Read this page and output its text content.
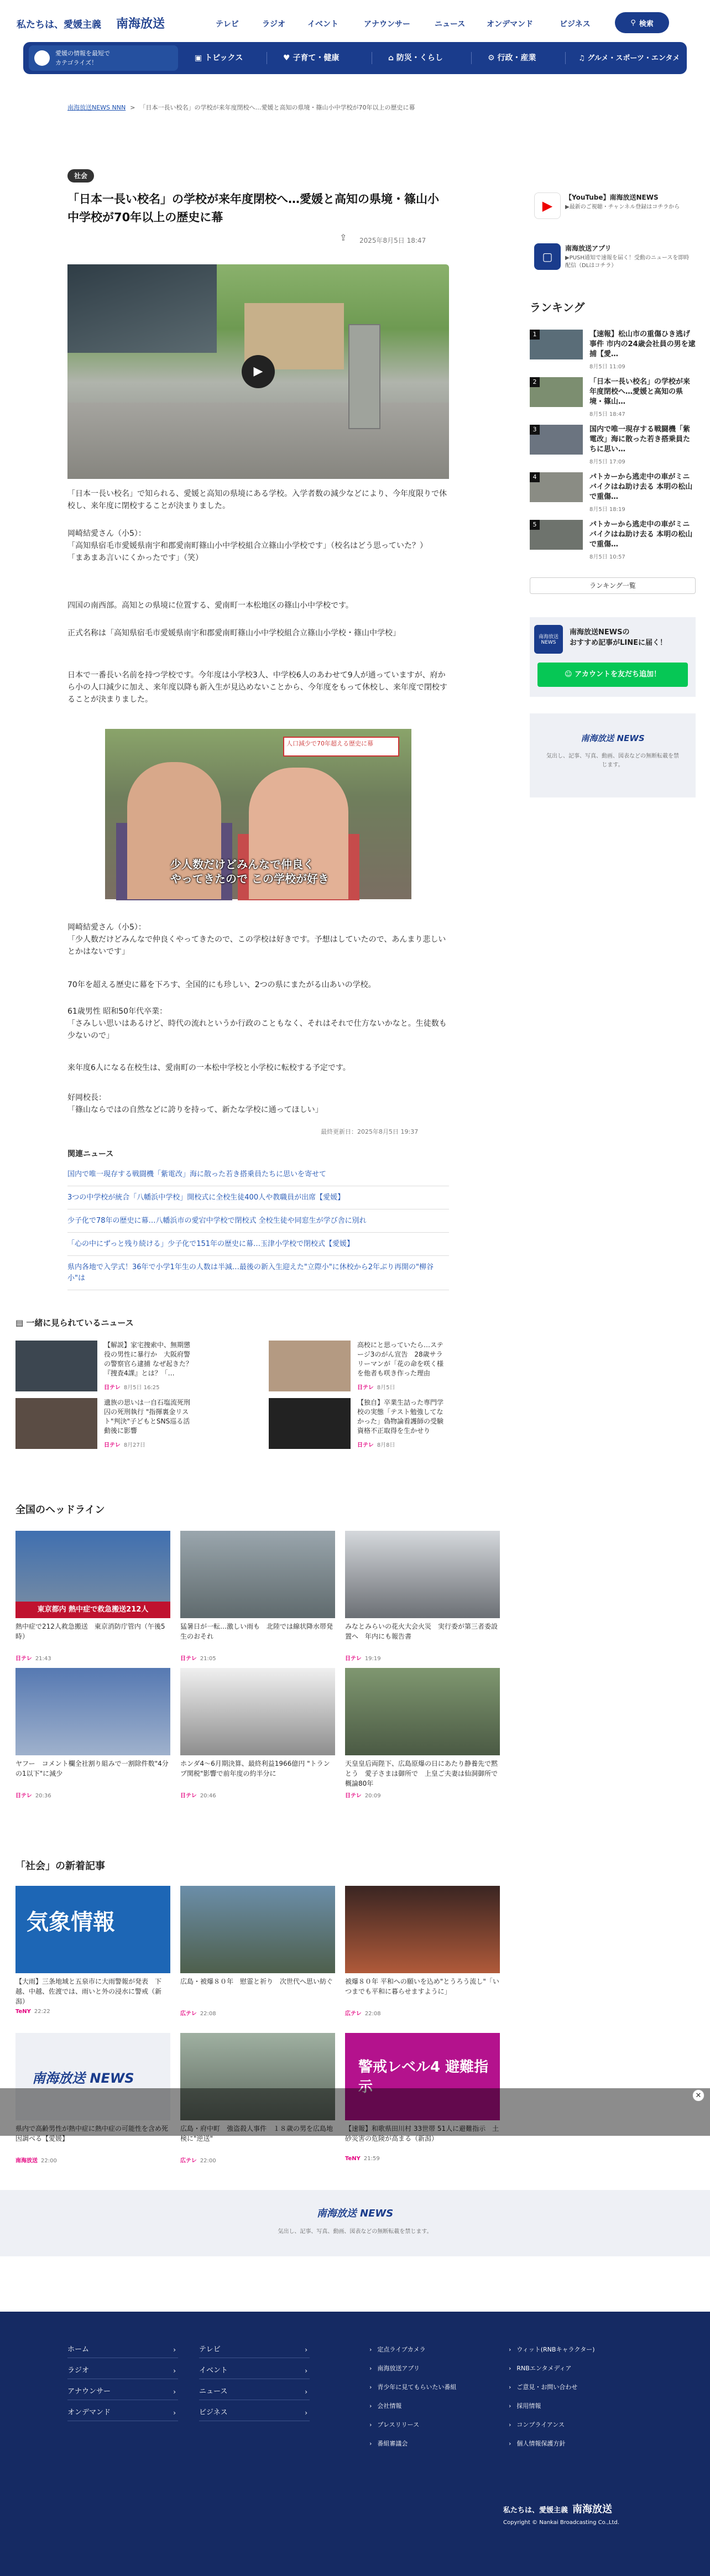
私たちは、愛媛主義 南海放送	テレビ	ラジオ	イベント	アナウンサー	ニュース	オンデマンド	ビジネス	⚲ 検索
愛媛の情報を最短で
カテゴライズ！
▣ トピックス	♥ 子育て・健康	⌂ 防災・くらし	⚙ 行政・産業	♫ グルメ・スポーツ・エンタメ
南海放送NEWS NNN > 「日本一長い校名」の学校が来年度閉校へ…愛媛と高知の県境・篠山小中学校が70年以上の歴史に幕
社会
「日本一長い校名」の学校が来年度閉校へ…愛媛と高知の県境・篠山小中学校が70年以上の歴史に幕
⇪ 2025年8月5日 18:47
▶

「日本一長い校名」で知られる、愛媛と高知の県境にある学校。入学者数の減少などにより、今年度限りで休校し、来年度に閉校することが決まりました。

岡崎結愛さん（小5）：
「高知県宿毛市愛媛県南宇和郡愛南町篠山小中学校組合立篠山小学校です」（校名はどう思っていた？）
「まあまあ言いにくかったです」（笑）

四国の南西部。高知との県境に位置する、愛南町一本松地区の篠山小中学校です。

正式名称は「高知県宿毛市愛媛県南宇和郡愛南町篠山小中学校組合立篠山小学校・篠山中学校」

日本で一番長い名前を持つ学校です。今年度は小学校3人、中学校6人のあわせて9人が通っていますが、府から小の人口減少に加え、来年度以降も新入生が見込めないことから、今年度をもって休校し、来年度で閉校することが決まりました。

岡崎結愛さん（小5）：
「少人数だけどみんなで仲良くやってきたので、この学校は好きです。予想はしていたので、あんまり悲しいとかはないです」

70年を超える歴史に幕を下ろす、全国的にも珍しい、2つの県にまたがる山あいの学校。

61歳男性 昭和50年代卒業：
「さみしい思いはあるけど、時代の流れというか行政のこともなく、それはそれで仕方ないかなと。生徒数も少ないので」

来年度6人になる在校生は、愛南町の一本松中学校と小学校に転校する予定です。

好岡校長：
「篠山ならではの自然などに誇りを持って、新たな学校に通ってほしい」

人口減少で70年超える歴史に幕
少人数だけどみんなで仲良く
やってきたので この学校が好き
最終更新日：2025年8月5日 19:37
関連ニュース
国内で唯一現存する戦闘機「紫電改」海に散った若き搭乗員たちに思いを寄せて
3つの中学校が統合「八幡浜中学校」開校式に全校生徒400人や教職員が出席【愛媛】
少子化で78年の歴史に幕…八幡浜市の愛宕中学校で閉校式 全校生徒や同窓生が学び舎に別れ
「心の中にずっと残り続ける」少子化で151年の歴史に幕…玉津小学校で閉校式【愛媛】
県内各地で入学式！36年で小学1年生の人数は半減…最後の新入生迎えた"立際小"に休校から2年ぶり再開の"柳谷小"は
▶
【YouTube】南海放送NEWS
▶︎最新のご視聴・チャンネル登録はコチラから
▢
南海放送アプリ
▶︎PUSH通知で速報を届く！受動のニュースを即時配信（DLはコチラ）
ランキング
1	【速報】松山市の重傷ひき逃げ事件 市内の24歳会社員の男を逮捕【愛…
8月5日 11:09
2	「日本一長い校名」の学校が来年度閉校へ…愛媛と高知の県境・篠山…
8月5日 18:47
3	国内で唯一現存する戦闘機「紫電改」海に散った若き搭乗員たちに思い…
8月5日 17:09
4	パトカーから逃走中の車がミニバイクはね助け去る 本明の松山で重傷…
8月5日 18:19
5	パトカーから逃走中の車がミニバイクはね助け去る 本明の松山で重傷…
8月5日 10:57
ランキング一覧
南海放送 NEWS
南海放送NEWSの
おすすめ記事がLINEに届く！
☺ アカウントを友だち追加！
南海放送 NEWS
気出し、記事、写真、動画、図表などの無断転載を禁じます。
▤ 一緒に見られているニュース
【解説】家宅捜索中、無期懲役の男性に暴行か　大阪府警の警察官ら逮捕 なぜ起きた？『捜査4課』とは？「…
日テレ 8月5日 16:25
高校にと思っていたら…ステージ3のがん宣告　28歳サラリーマンが「花の命を咲く様を他者も咲き作った理由
日テレ 8月5日
遺族の思いは一自石塩流死刑囚の死刑執行 "指揮裏金リスト"判決"子どもとSNS巡る活動後に影響
日テレ 8月27日
【独自】卒業生詰った専門学校の実態「テスト勉強してなかった」偽物論看護師の受験資格不正取得を生かせり
日テレ 8月8日
全国のヘッドライン
東京都内 熱中症で救急搬送212人
熱中症で212人救急搬送　東京消防庁管内（午後5時）
日テレ 21:43
猛暑日が一転…激しい雨も　北陸では線状降水帯発生のおそれ
日テレ 21:05
みなとみらいの花火大会火災　実行委が第三者委設置へ　年内にも報告書
日テレ 19:19
ヤフー　コメント欄全社割り組みで一割除件数"4分の1以下"に減少
日テレ 20:36
ホンダ4～6月期決算、最終利益1966億円 "トランプ関税"影響で前年度の約半分に
日テレ 20:46
天皇皇后両陛下、広島原爆の日にあたり静養先で黙とう　愛子さまは御所で　上皇ご夫妻は仙洞御所で　概論80年
日テレ 20:09
「社会」の新着記事
気象情報
【大雨】三条地域と五泉市に大雨警報が発表　下越、中越、佐渡では、雨いと外の浸水に警戒（新潟）
TeNY 22:22
広島・被爆８０年　慰霊と祈り　次世代へ思い紡ぐ
広テレ 22:08
被爆８０年 平和への願いを込め"とうろう流し"「いつまでも平和に暮らせますように」
広テレ 22:08
南海放送 NEWS
県内で高齢男性が熱中症に熱中症の可能性を含め死因調べる【愛媛】
南海放送 22:00
広島・府中町　強盗殺人事件　１８歳の男を広島地検に"逆送"
広テレ 22:00
警戒レベル4 避難指示
【速報】和歌県田川村 33世帯 51人に避難指示　土砂災害の危険が高まる（新潟）
TeNY 21:59
✕
南海放送 NEWS
気出し、記事、写真、動画、図表などの無断転載を禁じます。
ホーム	›
ラジオ	›
アナウンサー	›
オンデマンド	›
テレビ	›
イベント	›
ニュース	›
ビジネス	›
› 定点ライブカメラ
› 南海放送アプリ
› 青少年に見てもらいたい番組
› 会社情報
› プレスリリース
› 番組審議会
› ウィット(RNBキャラクター)
› RNBエンタメディア
› ご意見・お問い合わせ
› 採用情報
› コンプライアンス
› 個人情報保護方針
私たちは、愛媛主義 南海放送
Copyright © Nankai Broadcasting Co.,Ltd.
